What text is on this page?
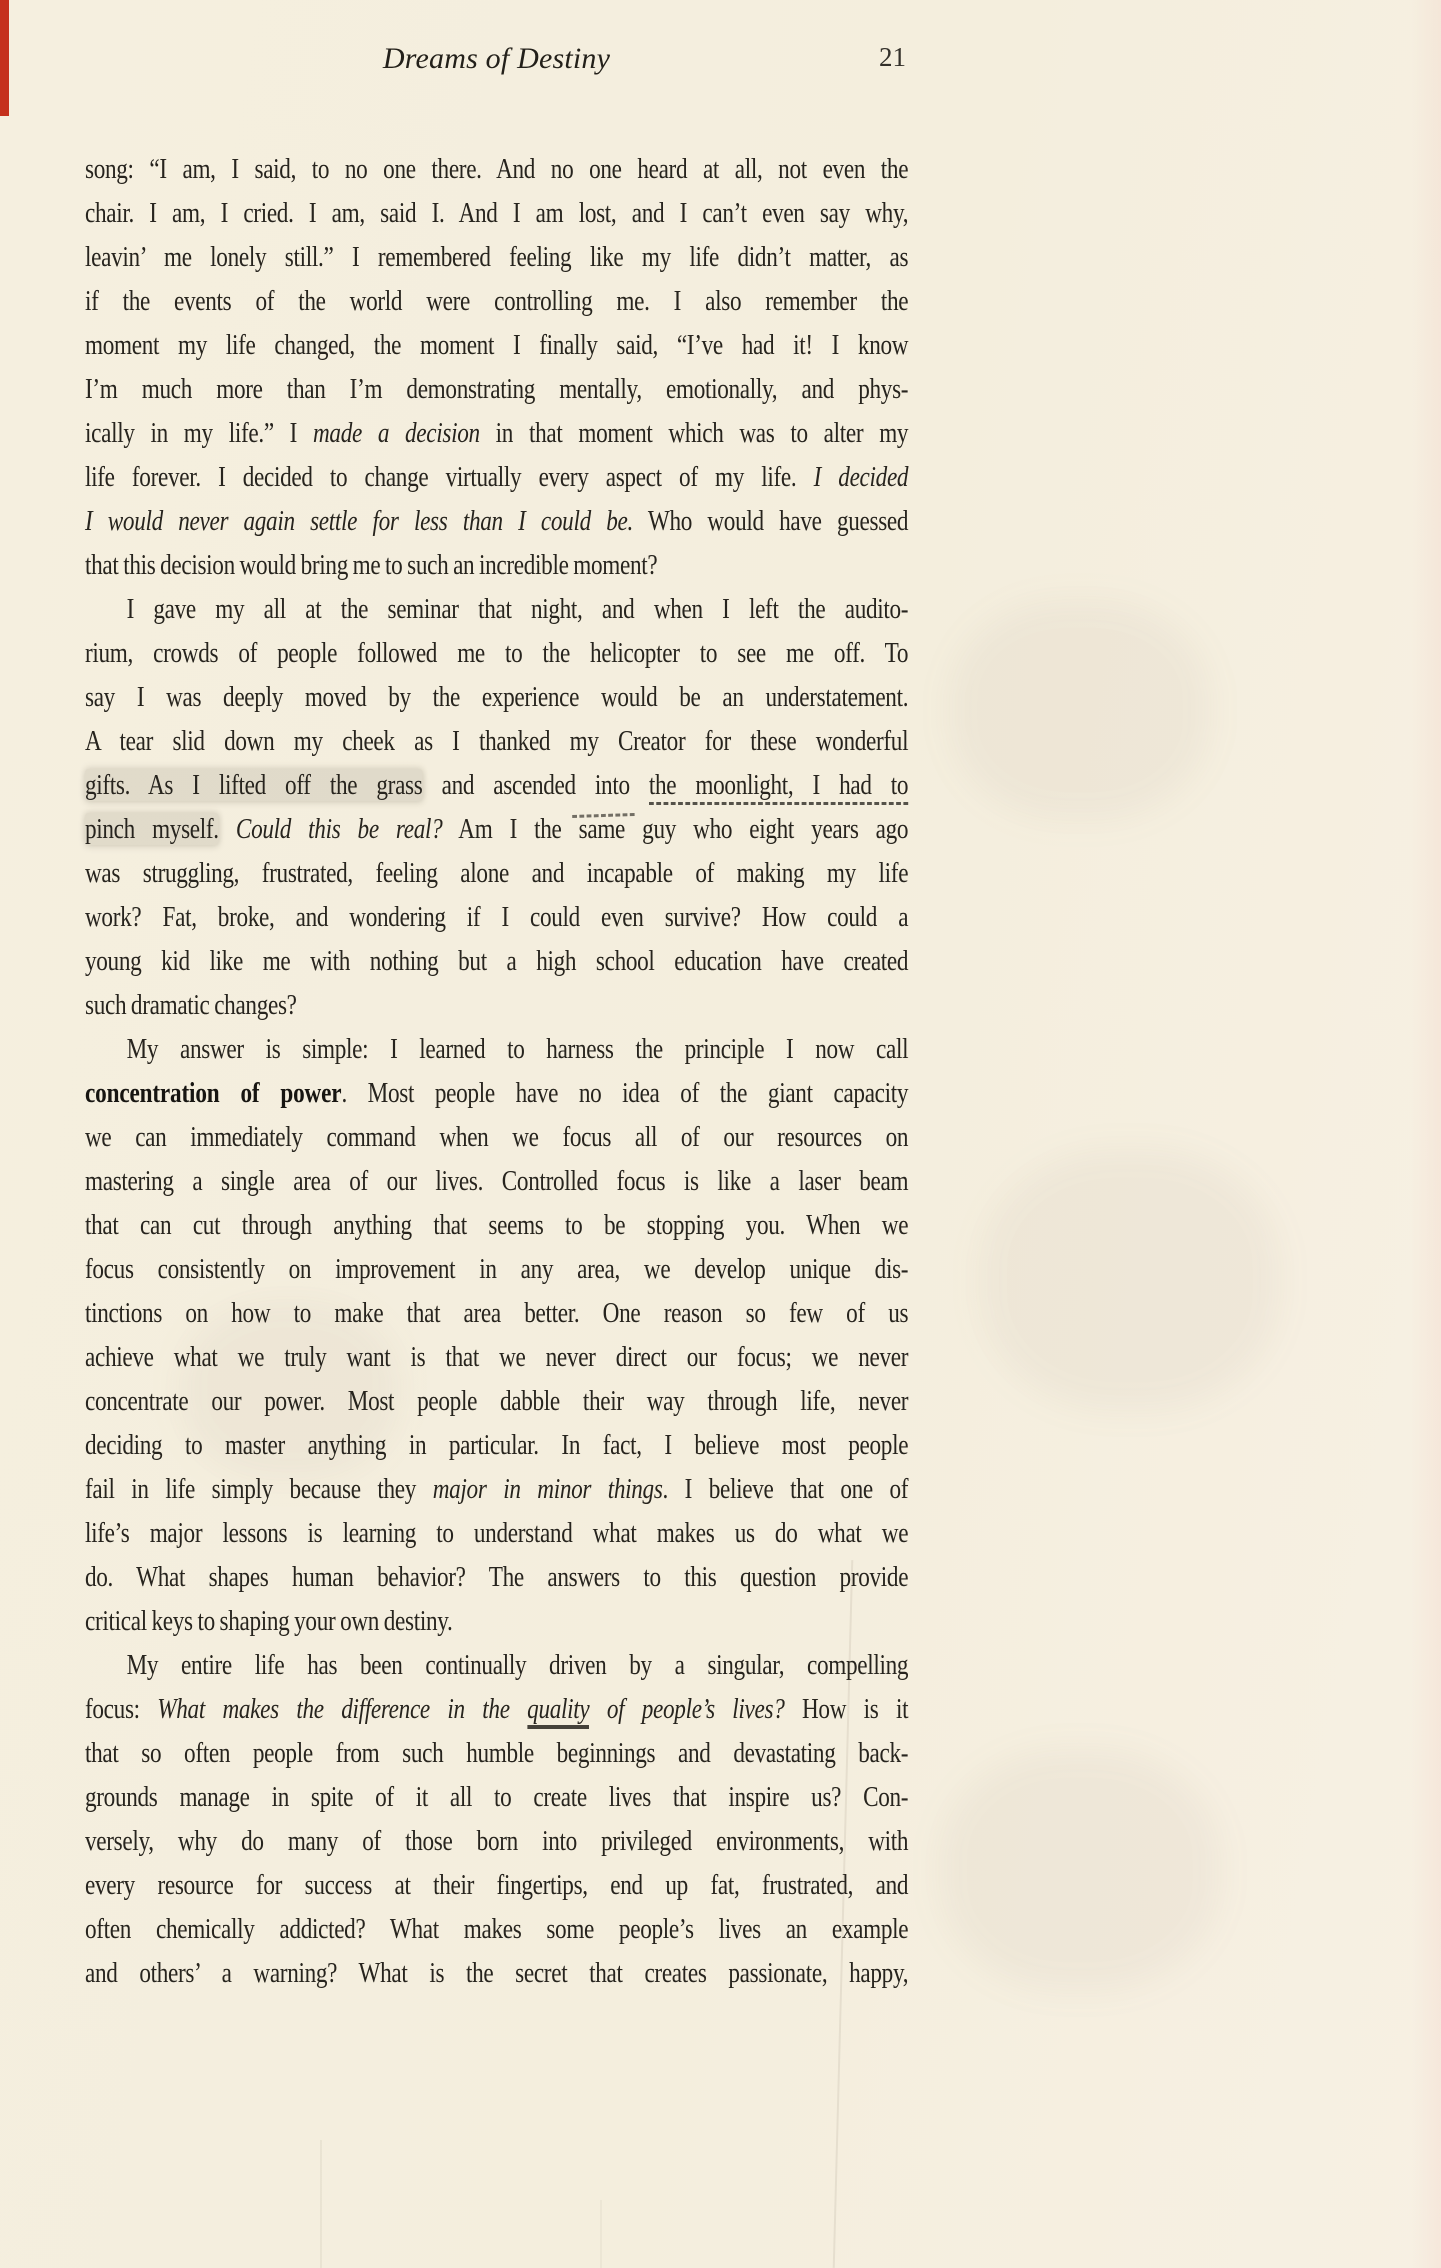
Dreams of Destiny	21
song: “I am, I said, to no one there. And no one heard at all, not even the
chair. I am, I cried. I am, said I. And I am lost, and I can’t even say why,
leavin’ me lonely still.” I remembered feeling like my life didn’t matter, as
if the events of the world were controlling me. I also remember the
moment my life changed, the moment I finally said, “I’ve had it! I know
I’m much more than I’m demonstrating mentally, emotionally, and phys-
ically in my life.” I made a decision in that moment which was to alter my
life forever. I decided to change virtually every aspect of my life. I decided
I would never again settle for less than I could be. Who would have guessed
that this decision would bring me to such an incredible moment?
I gave my all at the seminar that night, and when I left the audito-
rium, crowds of people followed me to the helicopter to see me off. To
say I was deeply moved by the experience would be an understatement.
A tear slid down my cheek as I thanked my Creator for these wonderful
gifts. As I lifted off the grass and ascended into the moonlight, I had to
pinch myself. Could this be real? Am I the same guy who eight years ago
was struggling, frustrated, feeling alone and incapable of making my life
work? Fat, broke, and wondering if I could even survive? How could a
young kid like me with nothing but a high school education have created
such dramatic changes?
My answer is simple: I learned to harness the principle I now call
concentration of power. Most people have no idea of the giant capacity
we can immediately command when we focus all of our resources on
mastering a single area of our lives. Controlled focus is like a laser beam
that can cut through anything that seems to be stopping you. When we
focus consistently on improvement in any area, we develop unique dis-
tinctions on how to make that area better. One reason so few of us
achieve what we truly want is that we never direct our focus; we never
concentrate our power. Most people dabble their way through life, never
deciding to master anything in particular. In fact, I believe most people
fail in life simply because they major in minor things. I believe that one of
life’s major lessons is learning to understand what makes us do what we
do. What shapes human behavior? The answers to this question provide
critical keys to shaping your own destiny.
My entire life has been continually driven by a singular, compelling
focus: What makes the difference in the quality of people’s lives? How is it
that so often people from such humble beginnings and devastating back-
grounds manage in spite of it all to create lives that inspire us? Con-
versely, why do many of those born into privileged environments, with
every resource for success at their fingertips, end up fat, frustrated, and
often chemically addicted? What makes some people’s lives an example
and others’ a warning? What is the secret that creates passionate, happy,
